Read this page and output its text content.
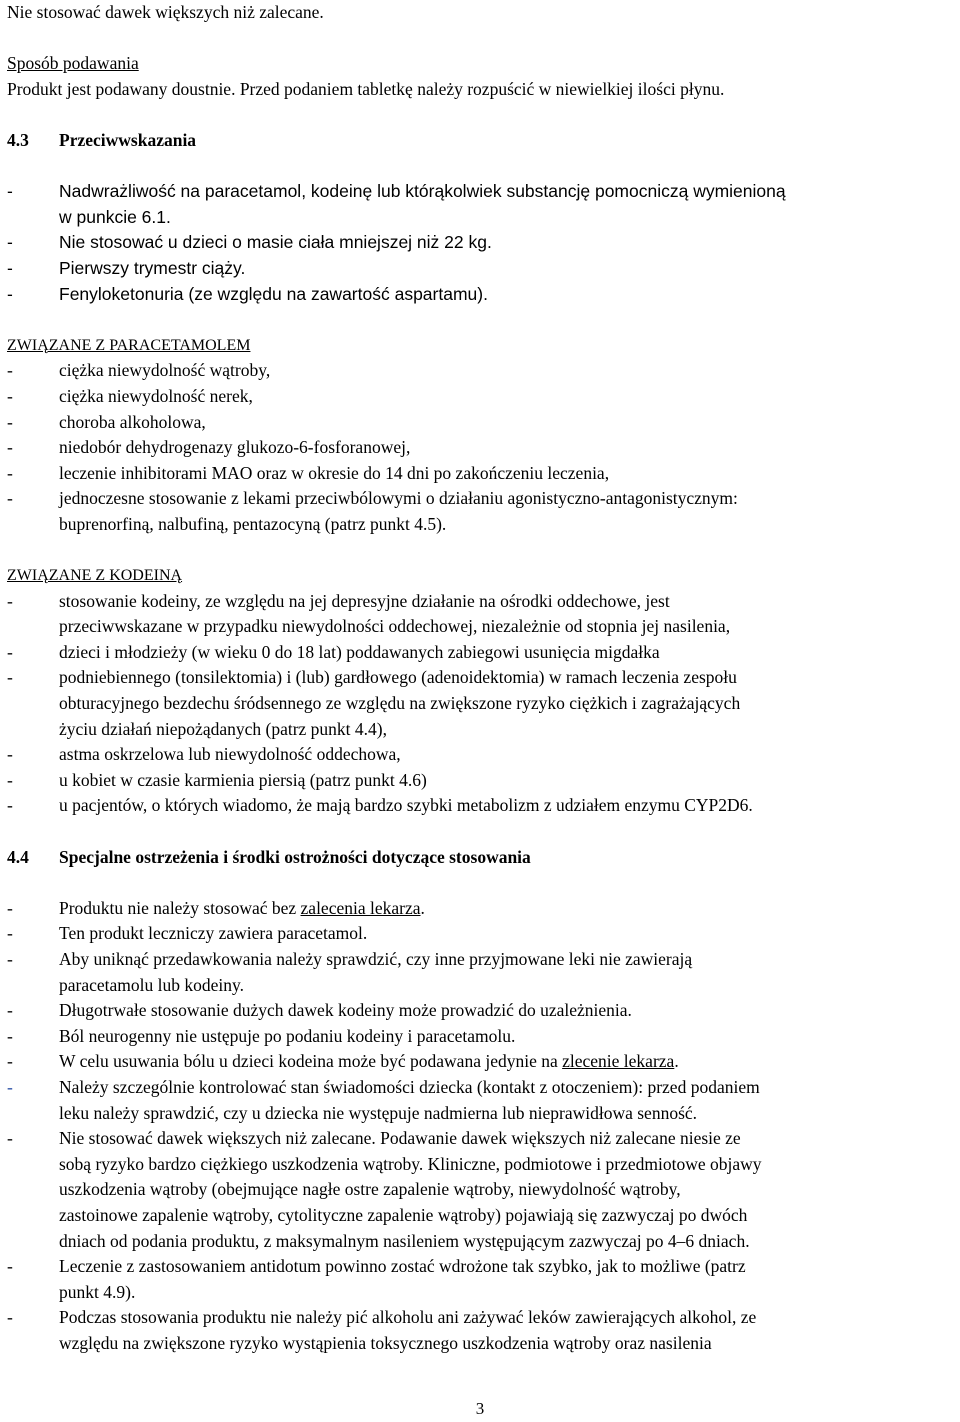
Nie stosować dawek większych niż zalecane.
Sposób podawania
Produkt jest podawany doustnie. Przed podaniem tabletkę należy rozpuścić w niewielkiej ilości płynu.
4.3	Przeciwwskazania
-	Nadwrażliwość na paracetamol, kodeinę lub którąkolwiek substancję pomocniczą wymienioną
w punkcie 6.1.
-	Nie stosować u dzieci o masie ciała mniejszej niż 22 kg.
-	Pierwszy trymestr ciąży.
-	Fenyloketonuria (ze względu na zawartość aspartamu).
ZWIĄZANE Z PARACETAMOLEM
-	ciężka niewydolność wątroby,
-	ciężka niewydolność nerek,
-	choroba alkoholowa,
-	niedobór dehydrogenazy glukozo-6-fosforanowej,
-	leczenie inhibitorami MAO oraz w okresie do 14 dni po zakończeniu leczenia,
-	jednoczesne stosowanie z lekami przeciwbólowymi o działaniu agonistyczno-antagonistycznym:
buprenorfiną, nalbufiną, pentazocyną (patrz punkt 4.5).
ZWIĄZANE Z KODEINĄ
-	stosowanie kodeiny, ze względu na jej depresyjne działanie na ośrodki oddechowe, jest
przeciwwskazane w przypadku niewydolności oddechowej, niezależnie od stopnia jej nasilenia,
-	dzieci i młodzieży (w wieku 0 do 18 lat) poddawanych zabiegowi usunięcia migdałka
-	podniebiennego (tonsilektomia) i (lub) gardłowego (adenoidektomia) w ramach leczenia zespołu
obturacyjnego bezdechu śródsennego ze względu na zwiększone ryzyko ciężkich i zagrażających
życiu działań niepożądanych (patrz punkt 4.4),
-	astma oskrzelowa lub niewydolność oddechowa,
-	u kobiet w czasie karmienia piersią (patrz punkt 4.6)
-	u pacjentów, o których wiadomo, że mają bardzo szybki metabolizm z udziałem enzymu CYP2D6.
4.4	Specjalne ostrzeżenia i środki ostrożności dotyczące stosowania
-	Produktu nie należy stosować bez zalecenia lekarza.
-	Ten produkt leczniczy zawiera paracetamol.
-	Aby uniknąć przedawkowania należy sprawdzić, czy inne przyjmowane leki nie zawierają
paracetamolu lub kodeiny.
-	Długotrwałe stosowanie dużych dawek kodeiny może prowadzić do uzależnienia.
-	Ból neurogenny nie ustępuje po podaniu kodeiny i paracetamolu.
-	W celu usuwania bólu u dzieci kodeina może być podawana jedynie na zlecenie lekarza.
-	Należy szczególnie kontrolować stan świadomości dziecka (kontakt z otoczeniem): przed podaniem
leku należy sprawdzić, czy u dziecka nie występuje nadmierna lub nieprawidłowa senność.
-	Nie stosować dawek większych niż zalecane. Podawanie dawek większych niż zalecane niesie ze
sobą ryzyko bardzo ciężkiego uszkodzenia wątroby. Kliniczne, podmiotowe i przedmiotowe objawy
uszkodzenia wątroby (obejmujące nagłe ostre zapalenie wątroby, niewydolność wątroby,
zastoinowe zapalenie wątroby, cytolityczne zapalenie wątroby) pojawiają się zazwyczaj po dwóch
dniach od podania produktu, z maksymalnym nasileniem występującym zazwyczaj po 4–6 dniach.
-	Leczenie z zastosowaniem antidotum powinno zostać wdrożone tak szybko, jak to możliwe (patrz
punkt 4.9).
-	Podczas stosowania produktu nie należy pić alkoholu ani zażywać leków zawierających alkohol, ze
względu na zwiększone ryzyko wystąpienia toksycznego uszkodzenia wątroby oraz nasilenia
3
